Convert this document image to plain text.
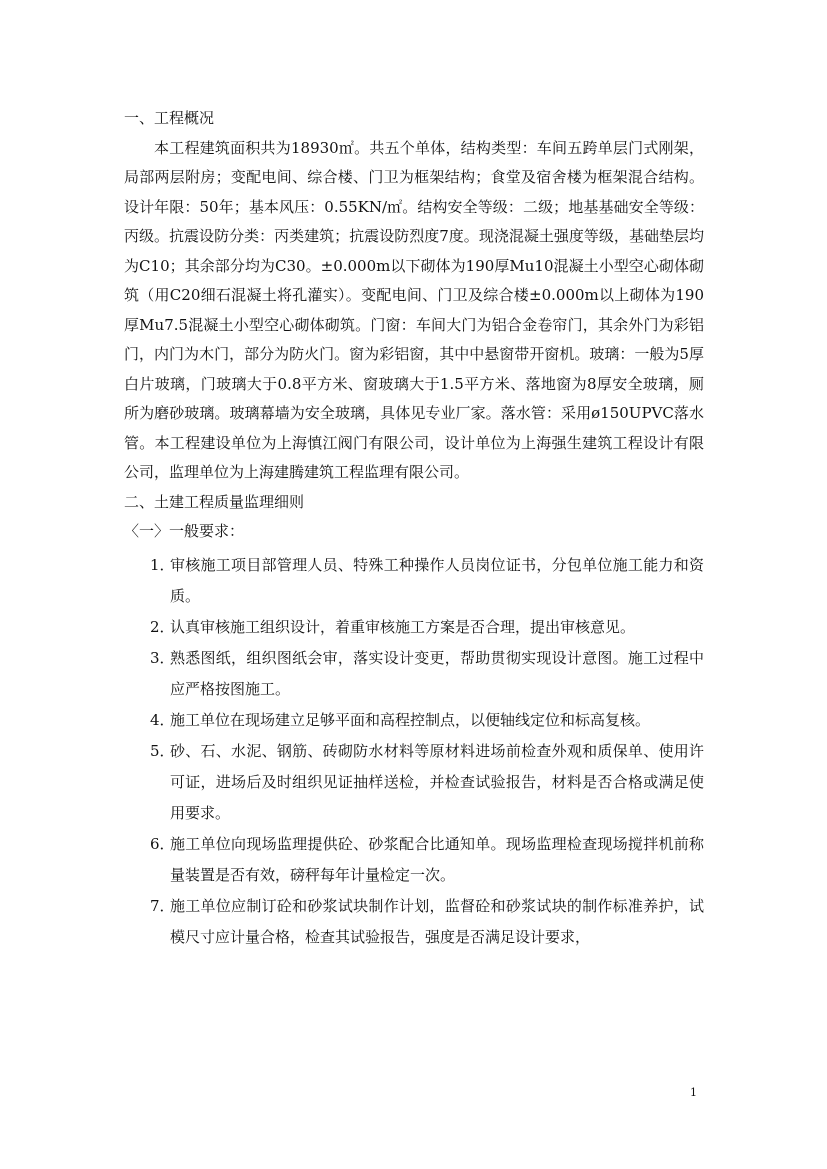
一、工程概况

本工程建筑面积共为18930㎡。共五个单体，结构类型：车间五跨单层门式刚架，局部两层附房；变配电间、综合楼、门卫为框架结构；食堂及宿舍楼为框架混合结构。设计年限：50年；基本风压：0.55KN/㎡。结构安全等级：二级；地基基础安全等级：丙级。抗震设防分类：丙类建筑；抗震设防烈度7度。现浇混凝土强度等级，基础垫层均为C10；其余部分均为C30。±0.000m以下砌体为190厚Mu10混凝土小型空心砌体砌筑（用C20细石混凝土将孔灌实）。变配电间、门卫及综合楼±0.000m以上砌体为190厚Mu7.5混凝土小型空心砌体砌筑。门窗：车间大门为铝合金卷帘门，其余外门为彩铝门，内门为木门，部分为防火门。窗为彩铝窗，其中中悬窗带开窗机。玻璃：一般为5厚白片玻璃，门玻璃大于0.8平方米、窗玻璃大于1.5平方米、落地窗为8厚安全玻璃，厕所为磨砂玻璃。玻璃幕墙为安全玻璃，具体见专业厂家。落水管：采用ø150UPVC落水管。本工程建设单位为上海慎江阀门有限公司，设计单位为上海强生建筑工程设计有限公司，监理单位为上海建腾建筑工程监理有限公司。

二、土建工程质量监理细则

〈一〉一般要求：

1．
审核施工项目部管理人员、特殊工种操作人员岗位证书，分包单位施工能力和资质。
2．
认真审核施工组织设计，着重审核施工方案是否合理，提出审核意见。
3．
熟悉图纸，组织图纸会审，落实设计变更，帮助贯彻实现设计意图。施工过程中应严格按图施工。
4．
施工单位在现场建立足够平面和高程控制点，以便轴线定位和标高复核。
5．
砂、石、水泥、钢筋、砖砌防水材料等原材料进场前检查外观和质保单、使用许可证，进场后及时组织见证抽样送检，并检查试验报告，材料是否合格或满足使用要求。
6．
施工单位向现场监理提供砼、砂浆配合比通知单。现场监理检查现场搅拌机前称量装置是否有效，磅秤每年计量检定一次。
7．
施工单位应制订砼和砂浆试块制作计划，监督砼和砂浆试块的制作标准养护，试模尺寸应计量合格，检查其试验报告，强度是否满足设计要求，
1
